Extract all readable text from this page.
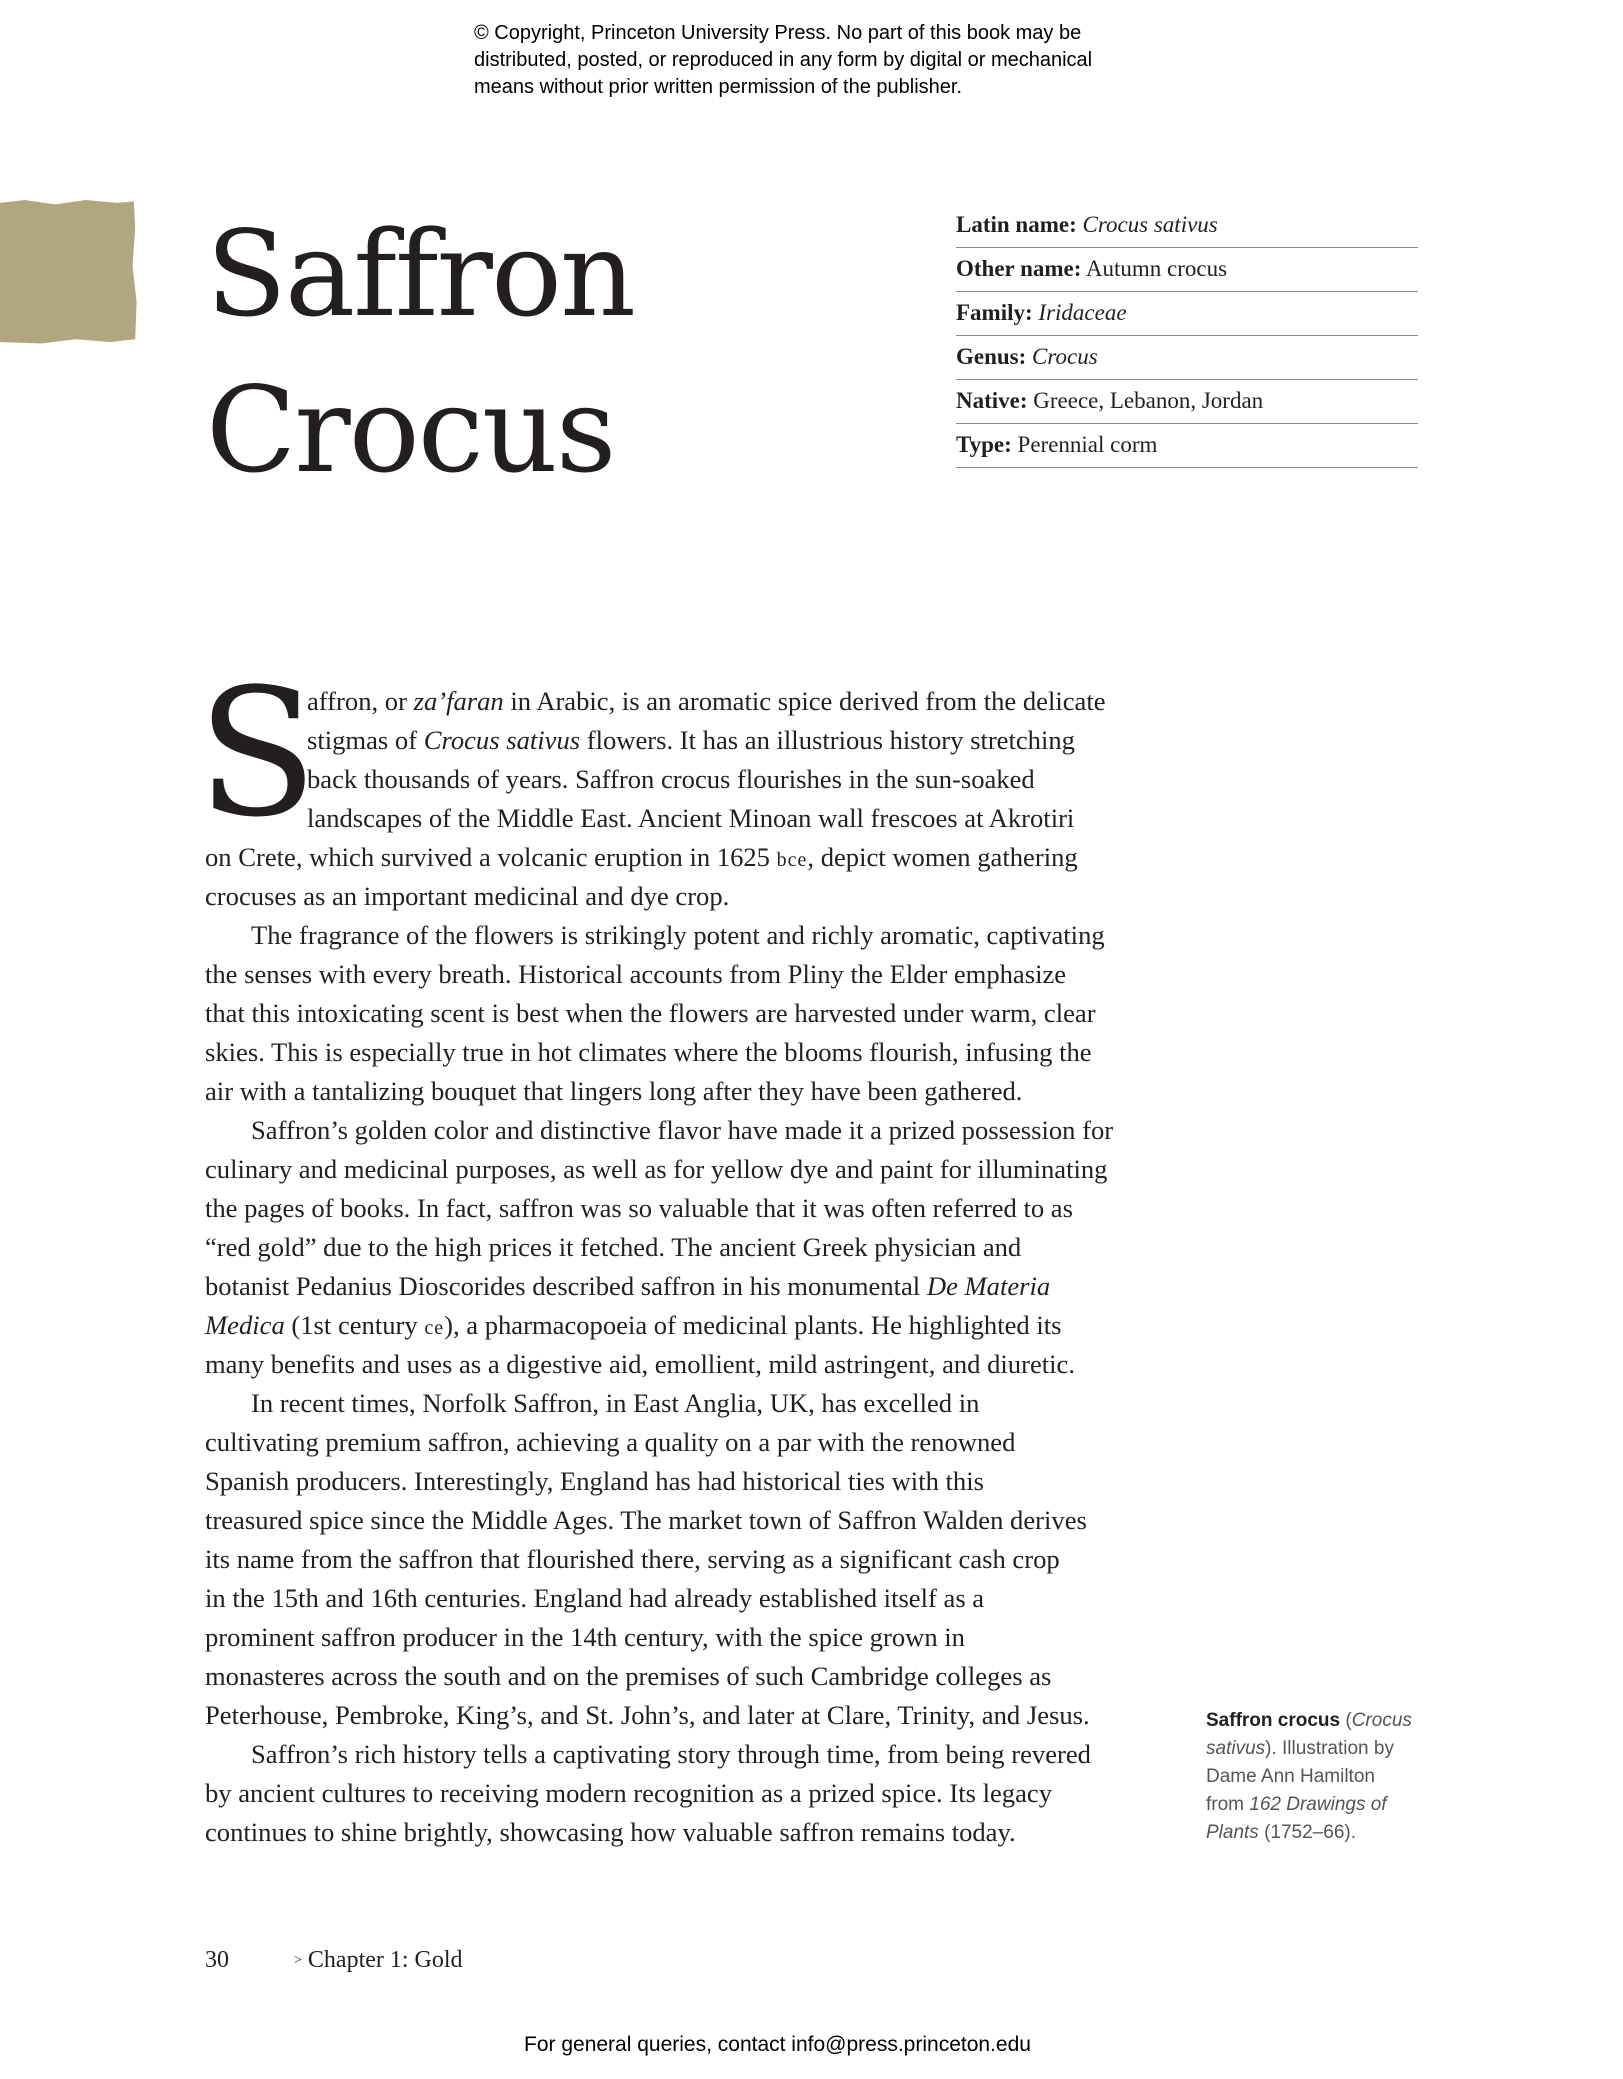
© Copyright, Princeton University Press. No part of this book may be
distributed, posted, or reproduced in any form by digital or mechanical
means without prior written permission of the publisher.
Saffron
Crocus
Latin name: Crocus sativus
Other name: Autumn crocus
Family: Iridaceae
Genus: Crocus
Native: Greece, Lebanon, Jordan
Type: Perennial corm
S
affron, or za’faran in Arabic, is an aromatic spice derived from the delicate
stigmas of Crocus sativus flowers. It has an illustrious history stretching
back thousands of years. Saffron crocus flourishes in the sun-soaked
landscapes of the Middle East. Ancient Minoan wall frescoes at Akrotiri
on Crete, which survived a volcanic eruption in 1625 bce, depict women gathering
crocuses as an important medicinal and dye crop.
The fragrance of the flowers is strikingly potent and richly aromatic, captivating
the senses with every breath. Historical accounts from Pliny the Elder emphasize
that this intoxicating scent is best when the flowers are harvested under warm, clear
skies. This is especially true in hot climates where the blooms flourish, infusing the
air with a tantalizing bouquet that lingers long after they have been gathered.
Saffron’s golden color and distinctive flavor have made it a prized possession for
culinary and medicinal purposes, as well as for yellow dye and paint for illuminating
the pages of books. In fact, saffron was so valuable that it was often referred to as
“red gold” due to the high prices it fetched. The ancient Greek physician and
botanist Pedanius Dioscorides described saffron in his monumental De Materia
Medica (1st century ce), a pharmacopoeia of medicinal plants. He highlighted its
many benefits and uses as a digestive aid, emollient, mild astringent, and diuretic.
In recent times, Norfolk Saffron, in East Anglia, UK, has excelled in
cultivating premium saffron, achieving a quality on a par with the renowned
Spanish producers. Interestingly, England has had historical ties with this
treasured spice since the Middle Ages. The market town of Saffron Walden derives
its name from the saffron that flourished there, serving as a significant cash crop
in the 15th and 16th centuries. England had already established itself as a
prominent saffron producer in the 14th century, with the spice grown in
monasteres across the south and on the premises of such Cambridge colleges as
Peterhouse, Pembroke, King’s, and St. John’s, and later at Clare, Trinity, and Jesus.
Saffron’s rich history tells a captivating story through time, from being revered
by ancient cultures to receiving modern recognition as a prized spice. Its legacy
continues to shine brightly, showcasing how valuable saffron remains today.
Saffron crocus (Crocus
sativus). Illustration by
Dame Ann Hamilton
from 162 Drawings of
Plants (1752–66).
30	> Chapter 1: Gold
For general queries, contact info@press.princeton.edu
